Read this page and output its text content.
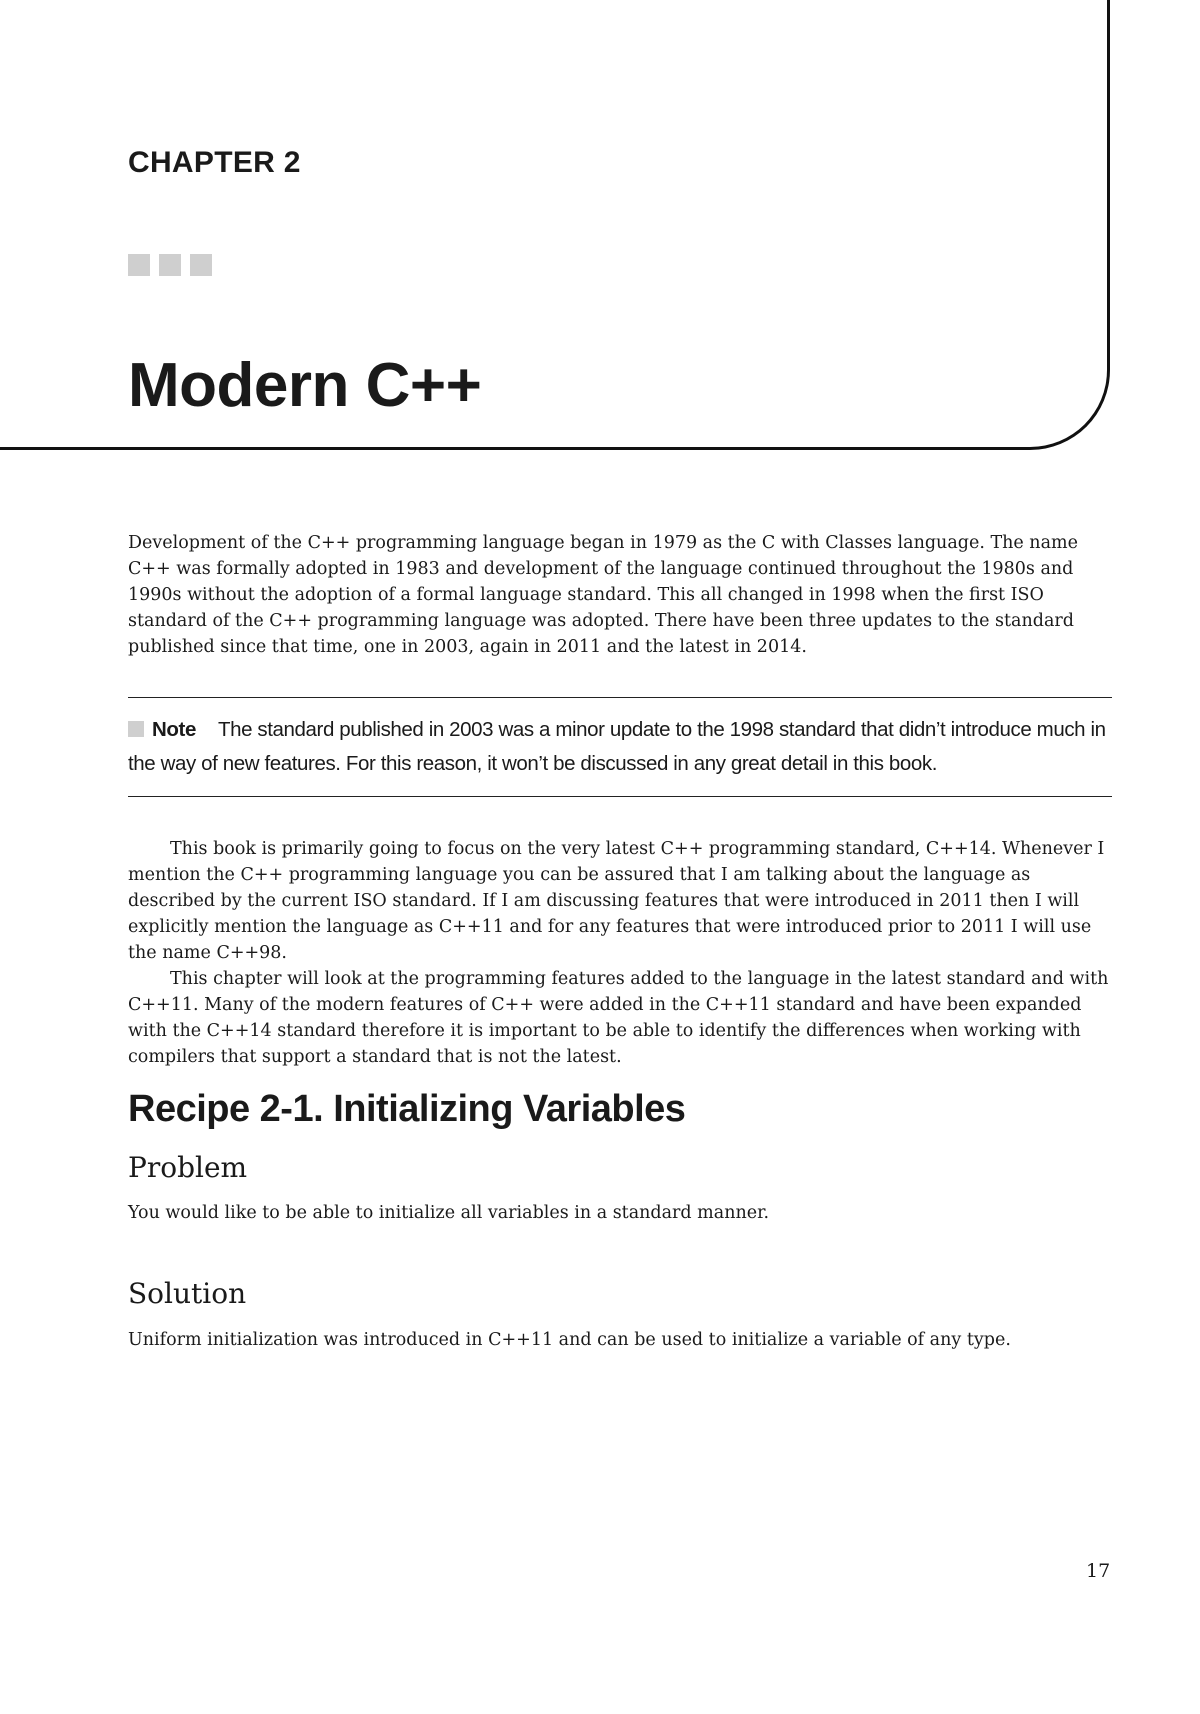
CHAPTER 2
Modern C++
Development of the C++ programming language began in 1979 as the C with Classes language. The name C++ was formally adopted in 1983 and development of the language continued throughout the 1980s and 1990s without the adoption of a formal language standard. This all changed in 1998 when the first ISO standard of the C++ programming language was adopted. There have been three updates to the standard published since that time, one in 2003, again in 2011 and the latest in 2014.
Note The standard published in 2003 was a minor update to the 1998 standard that didn’t introduce much in the way of new features. For this reason, it won’t be discussed in any great detail in this book.
This book is primarily going to focus on the very latest C++ programming standard, C++14. Whenever I mention the C++ programming language you can be assured that I am talking about the language as described by the current ISO standard. If I am discussing features that were introduced in 2011 then I will explicitly mention the language as C++11 and for any features that were introduced prior to 2011 I will use the name C++98.
This chapter will look at the programming features added to the language in the latest standard and with C++11. Many of the modern features of C++ were added in the C++11 standard and have been expanded with the C++14 standard therefore it is important to be able to identify the differences when working with compilers that support a standard that is not the latest.
Recipe 2-1. Initializing Variables
Problem
You would like to be able to initialize all variables in a standard manner.
Solution
Uniform initialization was introduced in C++11 and can be used to initialize a variable of any type.
17
